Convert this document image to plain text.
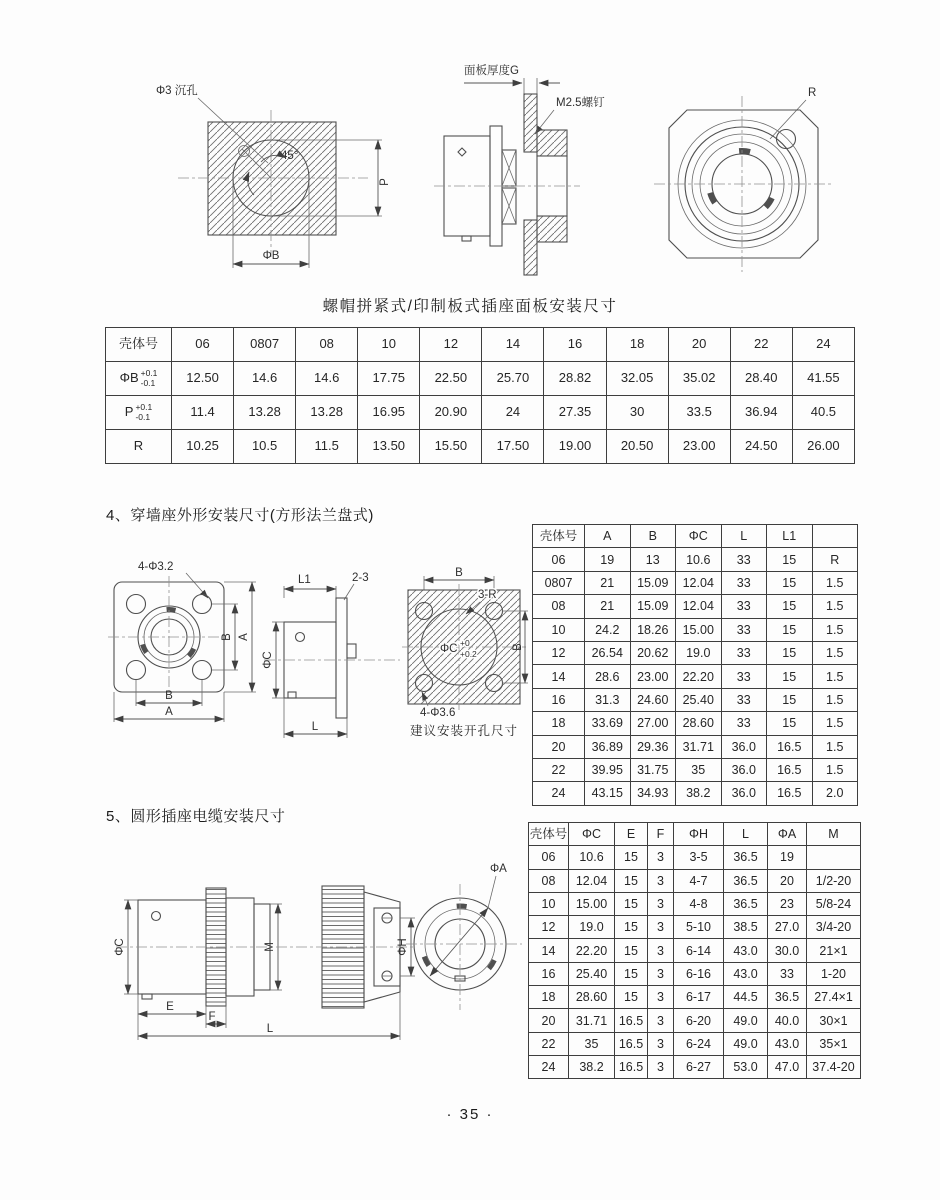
Φ3 沉孔
45°
P
ΦB
面板厚度G
M2.5螺钉
R
螺帽拼紧式/印制板式插座面板安装尺寸
壳体号	06	0807	08	10	12	14	16	18	20	22	24
ΦB +0.1
-0.1	12.50	14.6	14.6	17.75	22.50	25.70	28.82	32.05	35.02	28.40	41.55
P +0.1
-0.1	11.4	13.28	13.28	16.95	20.90	24	27.35	30	33.5	36.94	40.5
R	10.25	10.5	11.5	13.50	15.50	17.50	19.00	20.50	23.00	24.50	26.00
4、穿墙座外形安装尺寸(方形法兰盘式)
4-Φ3.2
B
A
B A
L1	2-3
ΦC
L
B
3-R
ΦC +0
+0.2
B
4-Φ3.6
建议安装开孔尺寸
壳体号	A	B	ΦC	L	L1	
06	19	13	10.6	33	15	R
0807	21	15.09	12.04	33	15	1.5
08	21	15.09	12.04	33	15	1.5
10	24.2	18.26	15.00	33	15	1.5
12	26.54	20.62	19.0	33	15	1.5
14	28.6	23.00	22.20	33	15	1.5
16	31.3	24.60	25.40	33	15	1.5
18	33.69	27.00	28.60	33	15	1.5
20	36.89	29.36	31.71	36.0	16.5	1.5
22	39.95	31.75	35	36.0	16.5	1.5
24	43.15	34.93	38.2	36.0	16.5	2.0
5、圆形插座电缆安装尺寸
ΦC	M	ΦH
E
F
L
ΦA
壳体号	ΦC	E	F	ΦH	L	ΦA	M
06	10.6	15	3	3-5	36.5	19	
08	12.04	15	3	4-7	36.5	20	1/2-20
10	15.00	15	3	4-8	36.5	23	5/8-24
12	19.0	15	3	5-10	38.5	27.0	3/4-20
14	22.20	15	3	6-14	43.0	30.0	21×1
16	25.40	15	3	6-16	43.0	33	1-20
18	28.60	15	3	6-17	44.5	36.5	27.4×1
20	31.71	16.5	3	6-20	49.0	40.0	30×1
22	35	16.5	3	6-24	49.0	43.0	35×1
24	38.2	16.5	3	6-27	53.0	47.0	37.4-20
· 35 ·
